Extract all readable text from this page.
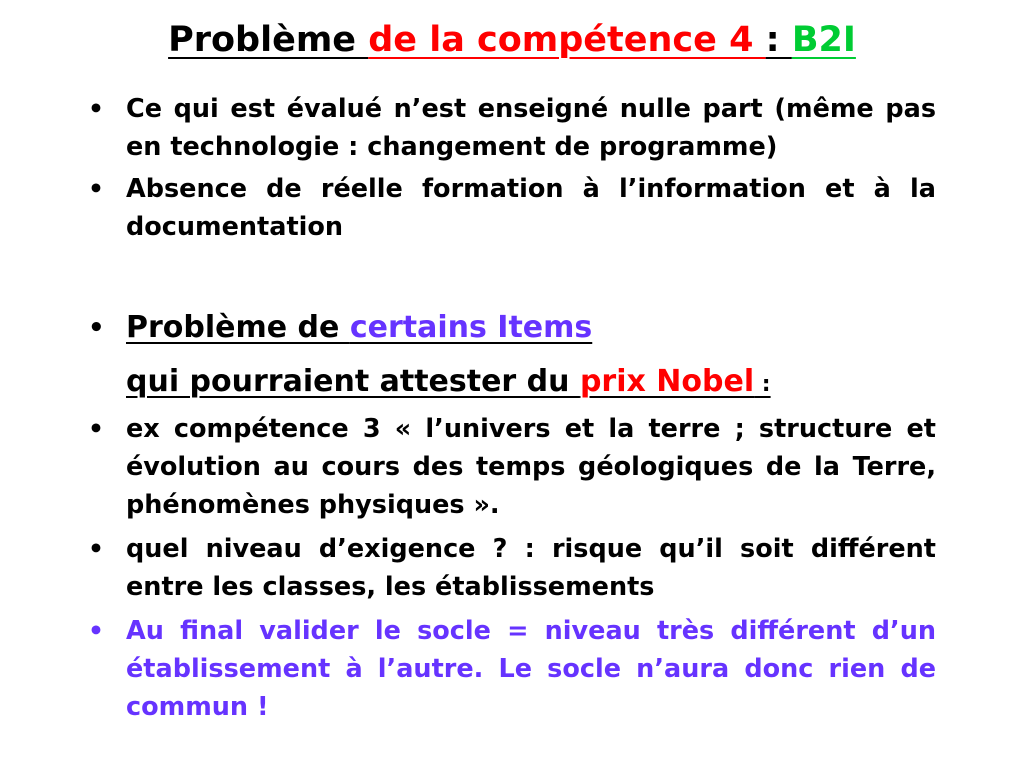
Problème de la compétence 4 : B2I
• Ce qui est évalué n’est enseigné nulle part (même pas en technologie : changement de programme)
• Absence de réelle formation à l’information et à la documentation
• Problème de certains Items
qui pourraient attester du prix Nobel :
• ex compétence 3 « l’univers et la terre ; structure et évolution au cours des temps géologiques de la Terre, phénomènes physiques ».
• quel niveau d’exigence ? : risque qu’il soit différent entre les classes, les établissements
• Au final valider le socle = niveau très différent d’un établissement à l’autre. Le socle n’aura donc rien de commun !
